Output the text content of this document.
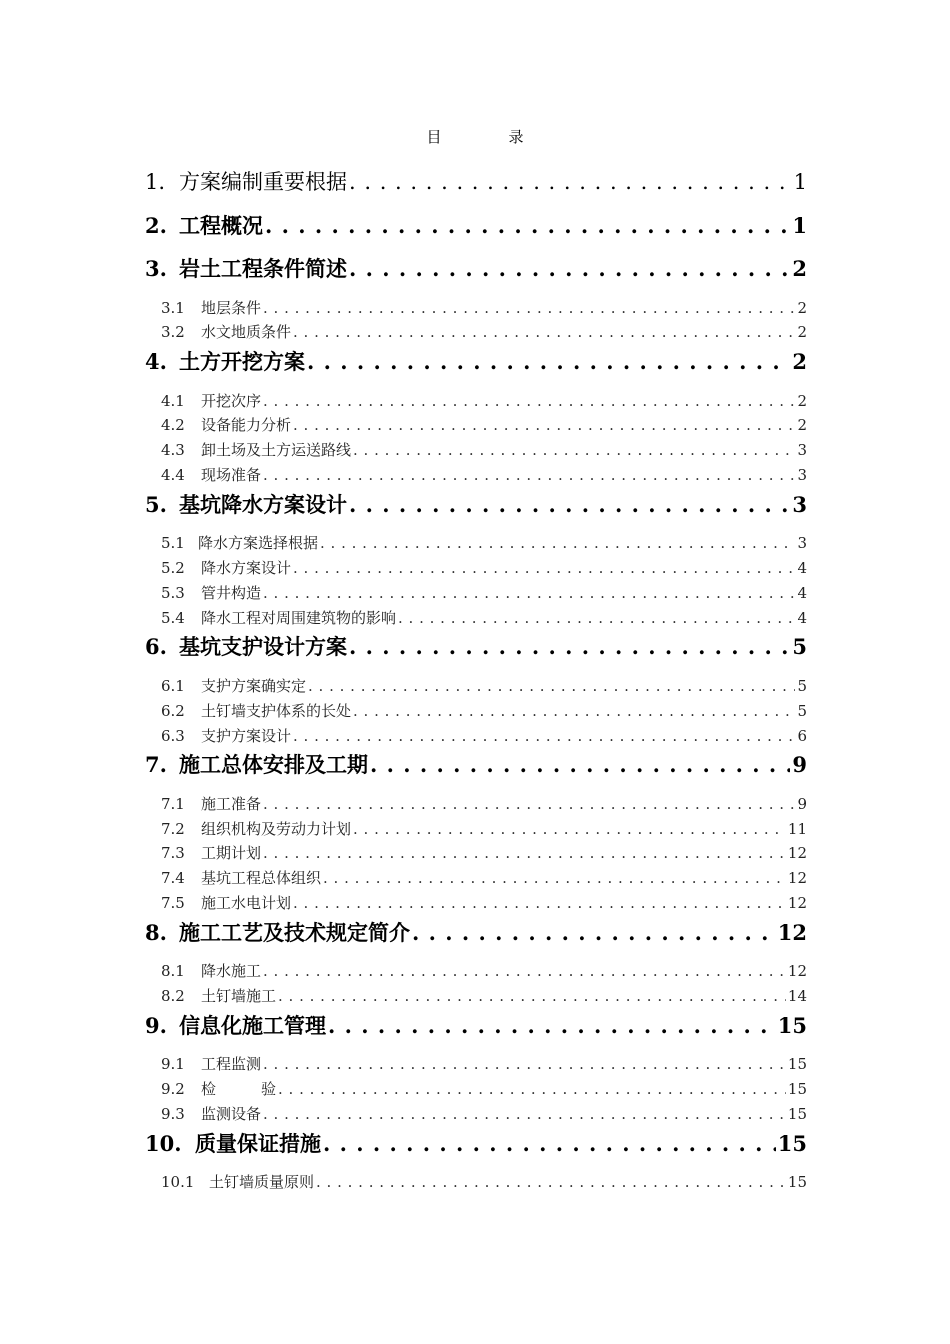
目　录
1. 方案编制重要根据 . . .	1
2. 工程概况 . . .	1
3. 岩土工程条件简述 . . .	2
3.1	地层条件 . . .	2
3.2	水文地质条件 . . .	2
4. 土方开挖方案 . . .	2
4.1	开挖次序 . . .	2
4.2	设备能力分析 . . .	2
4.3	卸土场及土方运送路线 . . .	3
4.4	现场准备 . . .	3
5. 基坑降水方案设计 . . .	3
5.1 降水方案选择根据 . . .	3
5.2	降水方案设计 . . .	4
5.3	管井构造 . . .	4
5.4	降水工程对周围建筑物的影响 . . .	4
6. 基坑支护设计方案 . . .	5
6.1	支护方案确实定 . . .	5
6.2	土钉墙支护体系的长处 . . .	5
6.3	支护方案设计 . . .	6
7. 施工总体安排及工期 . . .	9
7.1	施工准备 . . .	9
7.2	组织机构及劳动力计划 . . .	11
7.3	工期计划 . . .	12
7.4	基坑工程总体组织 . . .	12
7.5	施工水电计划 . . .	12
8. 施工工艺及技术规定简介 . . .	12
8.1	降水施工 . . .	12
8.2	土钉墙施工 . . .	14
9. 信息化施工管理 . . .	15
9.1	工程监测 . . .	15
9.2	检　　　验 . . .	15
9.3	监测设备 . . .	15
10. 质量保证措施 . . .	15
10.1 土钉墙质量原则 . . .	15
